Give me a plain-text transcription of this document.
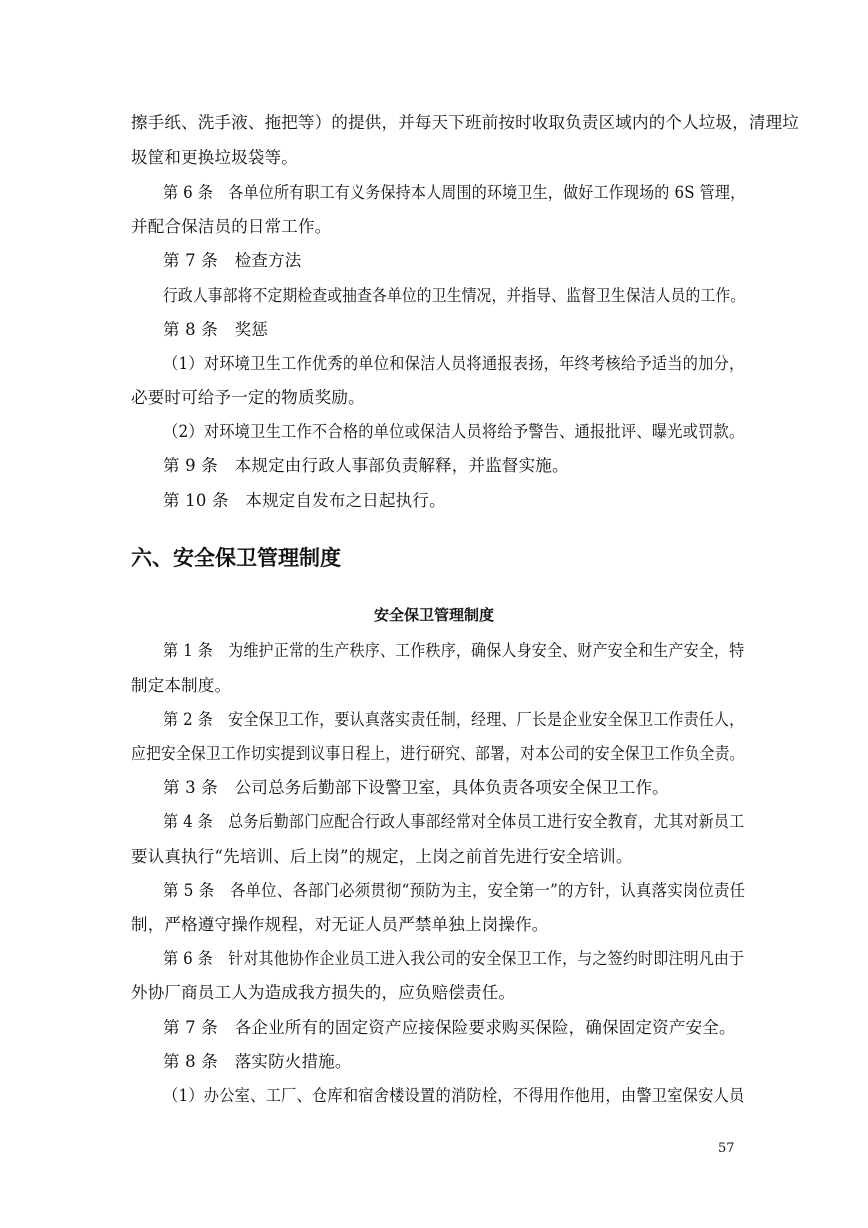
擦手纸、洗手液、拖把等）的提供，并每天下班前按时收取负责区域内的个人垃圾，清理垃
圾筐和更换垃圾袋等。
第 6 条　各单位所有职工有义务保持本人周围的环境卫生，做好工作现场的 6S 管理，
并配合保洁员的日常工作。
第 7 条　检查方法
行政人事部将不定期检查或抽查各单位的卫生情况，并指导、监督卫生保洁人员的工作。
第 8 条　奖惩
（1）对环境卫生工作优秀的单位和保洁人员将通报表扬，年终考核给予适当的加分，
必要时可给予一定的物质奖励。
（2）对环境卫生工作不合格的单位或保洁人员将给予警告、通报批评、曝光或罚款。
第 9 条　本规定由行政人事部负责解释，并监督实施。
第 10 条　本规定自发布之日起执行。
六、安全保卫管理制度
安全保卫管理制度
第 1 条　为维护正常的生产秩序、工作秩序，确保人身安全、财产安全和生产安全，特
制定本制度。
第 2 条　安全保卫工作，要认真落实责任制，经理、厂长是企业安全保卫工作责任人，
应把安全保卫工作切实提到议事日程上，进行研究、部署，对本公司的安全保卫工作负全责。
第 3 条　公司总务后勤部下设警卫室，具体负责各项安全保卫工作。
第 4 条　总务后勤部门应配合行政人事部经常对全体员工进行安全教育，尤其对新员工
要认真执行“先培训、后上岗”的规定，上岗之前首先进行安全培训。
第 5 条　各单位、各部门必须贯彻“预防为主，安全第一”的方针，认真落实岗位责任
制，严格遵守操作规程，对无证人员严禁单独上岗操作。
第 6 条　针对其他协作企业员工进入我公司的安全保卫工作，与之签约时即注明凡由于
外协厂商员工人为造成我方损失的，应负赔偿责任。
第 7 条　各企业所有的固定资产应接保险要求购买保险，确保固定资产安全。
第 8 条　落实防火措施。
（1）办公室、工厂、仓库和宿舍楼设置的消防栓，不得用作他用，由警卫室保安人员
57
